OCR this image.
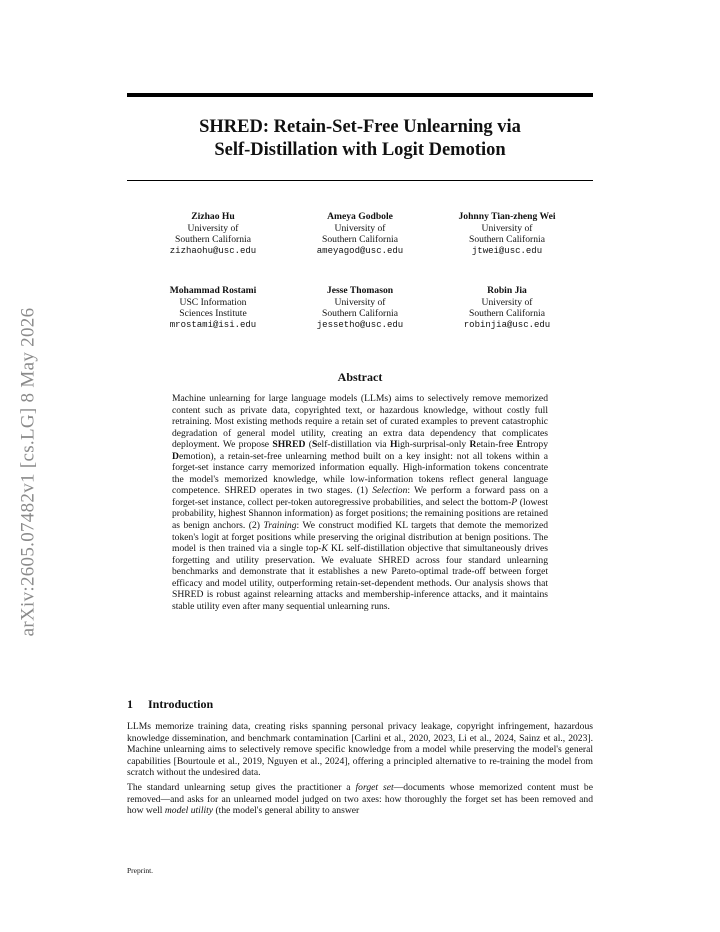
arXiv:2605.07482v1 [cs.LG] 8 May 2026
SHRED: Retain-Set-Free Unlearning via
Self-Distillation with Logit Demotion
Zizhao Hu
University of
Southern California
zizhaohu@usc.edu
Ameya Godbole
University of
Southern California
ameyagod@usc.edu
Johnny Tian-zheng Wei
University of
Southern California
jtwei@usc.edu
Mohammad Rostami
USC Information
Sciences Institute
mrostami@isi.edu
Jesse Thomason
University of
Southern California
jessetho@usc.edu
Robin Jia
University of
Southern California
robinjia@usc.edu
Abstract
Machine unlearning for large language models (LLMs) aims to selectively remove memorized content such as private data, copyrighted text, or hazardous knowledge, without costly full retraining. Most existing methods require a retain set of curated examples to prevent catastrophic degradation of general model utility, creating an extra data dependency that complicates deployment. We propose SHRED (Self-distillation via High-surprisal-only Retain-free Entropy Demotion), a retain-set-free unlearning method built on a key insight: not all tokens within a forget-set instance carry memorized information equally. High-information tokens concentrate the model's memorized knowledge, while low-information tokens reflect general language competence. SHRED operates in two stages. (1) Selection: We perform a forward pass on a forget-set instance, collect per-token autoregressive probabilities, and select the bottom-P (lowest probability, highest Shannon information) as forget positions; the remaining positions are retained as benign anchors. (2) Training: We construct modified KL targets that demote the memorized token's logit at forget positions while preserving the original distribution at benign positions. The model is then trained via a single top-K KL self-distillation objective that simultaneously drives forgetting and utility preservation. We evaluate SHRED across four standard unlearning benchmarks and demonstrate that it establishes a new Pareto-optimal trade-off between forget efficacy and model utility, outperforming retain-set-dependent methods. Our analysis shows that SHRED is robust against relearning attacks and membership-inference attacks, and it maintains stable utility even after many sequential unlearning runs.
1 Introduction
LLMs memorize training data, creating risks spanning personal privacy leakage, copyright infringement, hazardous knowledge dissemination, and benchmark contamination [Carlini et al., 2020, 2023, Li et al., 2024, Sainz et al., 2023]. Machine unlearning aims to selectively remove specific knowledge from a model while preserving the model's general capabilities [Bourtoule et al., 2019, Nguyen et al., 2024], offering a principled alternative to re-training the model from scratch without the undesired data.
The standard unlearning setup gives the practitioner a forget set—documents whose memorized content must be removed—and asks for an unlearned model judged on two axes: how thoroughly the forget set has been removed and how well model utility (the model's general ability to answer
Preprint.
